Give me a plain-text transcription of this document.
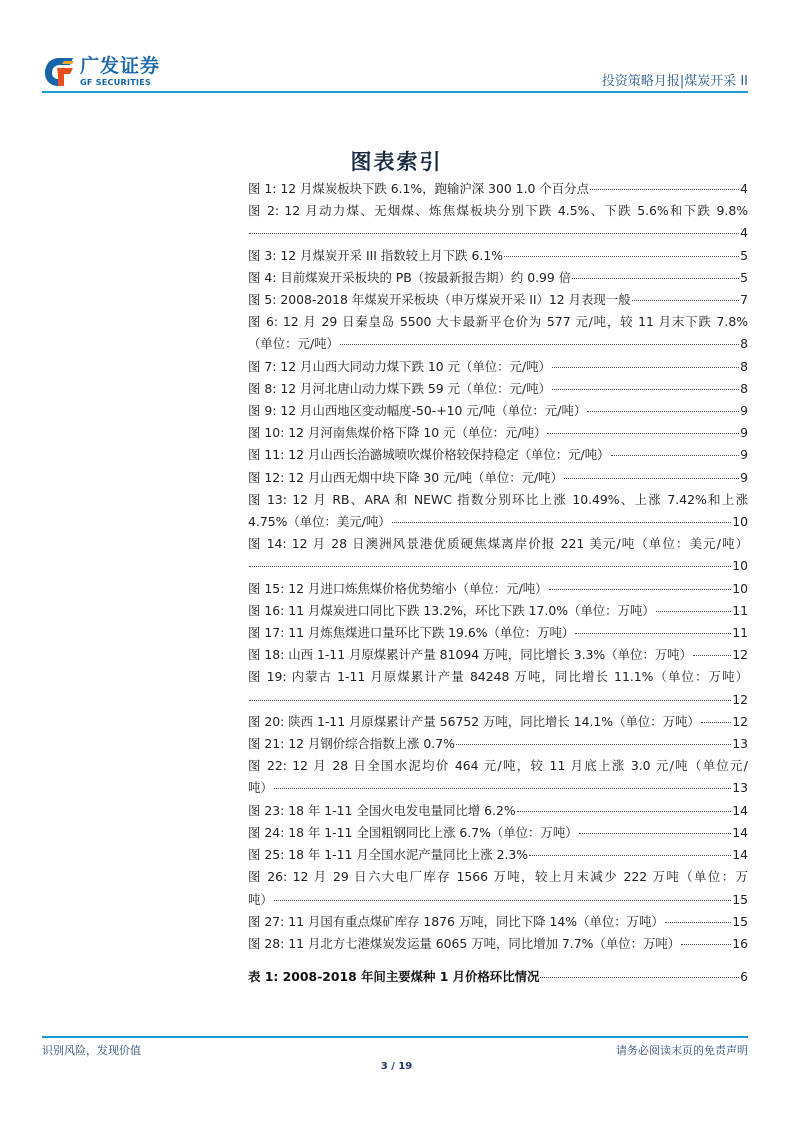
广发证券
GF SECURITIES	投资策略月报|煤炭开采 II
图表索引
图 1: 12 月煤炭板块下跌 6.1%，跑输沪深 300 1.0 个百分点	4
图 2: 12 月动力煤、无烟煤、炼焦煤板块分别下跌 4.5%、下跌 5.6%和下跌 9.8%
4
图 3: 12 月煤炭开采 III 指数较上月下跌 6.1%	5
图 4: 目前煤炭开采板块的 PB（按最新报告期）约 0.99 倍	5
图 5: 2008-2018 年煤炭开采板块（申万煤炭开采 II）12 月表现一般	7
图 6: 12 月 29 日秦皇岛 5500 大卡最新平仓价为 577 元/吨，较 11 月末下跌 7.8%
（单位：元/吨）	8
图 7: 12 月山西大同动力煤下跌 10 元（单位：元/吨）	8
图 8: 12 月河北唐山动力煤下跌 59 元（单位：元/吨）	8
图 9: 12 月山西地区变动幅度-50-+10 元/吨（单位：元/吨）	9
图 10: 12 月河南焦煤价格下降 10 元（单位：元/吨）	9
图 11: 12 月山西长治潞城喷吹煤价格较保持稳定（单位：元/吨）	9
图 12: 12 月山西无烟中块下降 30 元/吨（单位：元/吨）	9
图 13: 12 月 RB、ARA 和 NEWC 指数分别环比上涨 10.49%、上涨 7.42%和上涨
4.75%（单位：美元/吨）	10
图 14: 12 月 28 日澳洲风景港优质硬焦煤离岸价报 221 美元/吨（单位：美元/吨）
10
图 15: 12 月进口炼焦煤价格优势缩小（单位：元/吨）	10
图 16: 11 月煤炭进口同比下跌 13.2%，环比下跌 17.0%（单位：万吨）	11
图 17: 11 月炼焦煤进口量环比下跌 19.6%（单位：万吨）	11
图 18: 山西 1-11 月原煤累计产量 81094 万吨，同比增长 3.3%（单位：万吨）	12
图 19: 内蒙古 1-11 月原煤累计产量 84248 万吨，同比增长 11.1%（单位：万吨）
12
图 20: 陕西 1-11 月原煤累计产量 56752 万吨，同比增长 14.1%（单位：万吨）	12
图 21: 12 月钢价综合指数上涨 0.7%	13
图 22: 12 月 28 日全国水泥均价 464 元/吨，较 11 月底上涨 3.0 元/吨（单位元/
吨）	13
图 23: 18 年 1-11 全国火电发电量同比增 6.2%	14
图 24: 18 年 1-11 全国粗钢同比上涨 6.7%（单位：万吨）	14
图 25: 18 年 1-11 月全国水泥产量同比上涨 2.3%	14
图 26: 12 月 29 日六大电厂库存 1566 万吨，较上月末减少 222 万吨（单位：万
吨）	15
图 27: 11 月国有重点煤矿库存 1876 万吨，同比下降 14%（单位：万吨）	15
图 28: 11 月北方七港煤炭发运量 6065 万吨，同比增加 7.7%（单位：万吨）	16
表 1: 2008-2018 年间主要煤种 1 月价格环比情况	6
识别风险，发现价值	请务必阅读末页的免责声明
3 / 19
